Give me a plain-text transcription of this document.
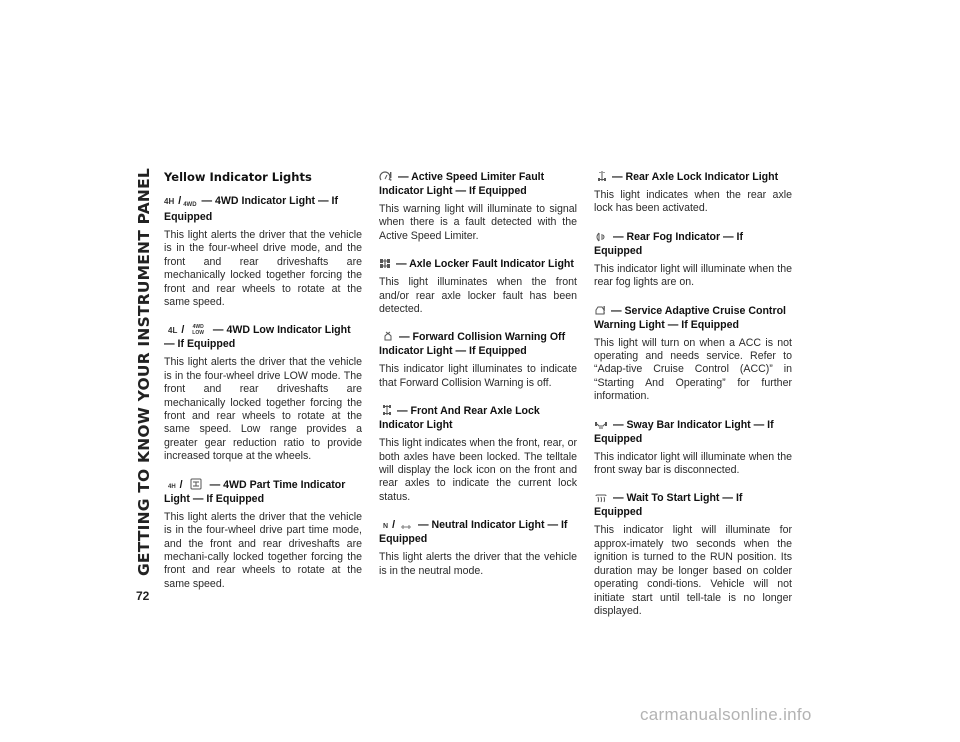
GETTING TO KNOW YOUR INSTRUMENT PANEL
72
Yellow Indicator Lights
4H / 4WD — 4WD Indicator Light — If Equipped
This light alerts the driver that the vehicle is in the four-wheel drive mode, and the front and rear driveshafts are mechanically locked together forcing the front and rear wheels to rotate at the same speed.
4L / 4WD
LOW — 4WD Low Indicator Light — If Equipped
This light alerts the driver that the vehicle is in the four-wheel drive LOW mode. The front and rear driveshafts are mechanically locked together forcing the front and rear wheels to rotate at the same speed. Low range provides a greater gear reduction ratio to provide increased torque at the wheels.
4H /	— 4WD Part Time Indicator Light — If Equipped
This light alerts the driver that the vehicle is in the four-wheel drive part time mode, and the front and rear driveshafts are mechani-cally locked together forcing the front and rear wheels to rotate at the same speed.
— Active Speed Limiter Fault Indicator Light — If Equipped
This warning light will illuminate to signal when there is a fault detected with the Active Speed Limiter.
— Axle Locker Fault Indicator Light
This light illuminates when the front and/or rear axle locker fault has been detected.
— Forward Collision Warning Off Indicator Light — If Equipped
This indicator light illuminates to indicate that Forward Collision Warning is off.
— Front And Rear Axle Lock Indicator Light
This light indicates when the front, rear, or both axles have been locked. The telltale will display the lock icon on the front and rear axles to indicate the current lock status.
N / — Neutral Indicator Light — If Equipped
This light alerts the driver that the vehicle is in the neutral mode.
— Rear Axle Lock Indicator Light
This light indicates when the rear axle lock has been activated.
— Rear Fog Indicator — If Equipped
This indicator light will illuminate when the rear fog lights are on.
— Service Adaptive Cruise Control Warning Light — If Equipped
This light will turn on when a ACC is not operating and needs service. Refer to “Adap-tive Cruise Control (ACC)” in “Starting And Operating” for further information.
— Sway Bar Indicator Light — If Equipped
This indicator light will illuminate when the front sway bar is disconnected.
— Wait To Start Light — If Equipped
This indicator light will illuminate for approx-imately two seconds when the ignition is turned to the RUN position. Its duration may be longer based on colder operating condi-tions. Vehicle will not initiate start until tell-tale is no longer displayed.
carmanualsonline.info
